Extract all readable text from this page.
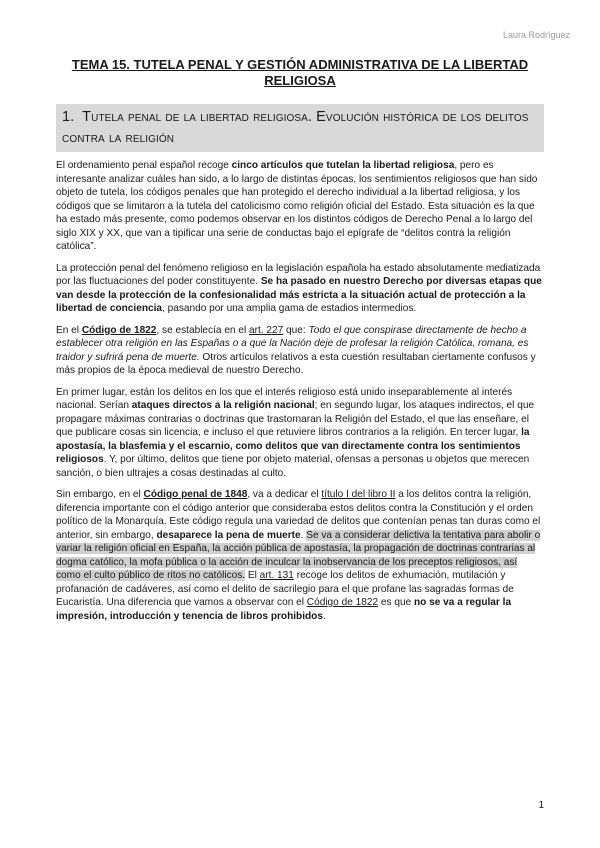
Laura Rodríguez
TEMA 15. TUTELA PENAL Y GESTIÓN ADMINISTRATIVA DE LA LIBERTAD RELIGIOSA
1. Tutela penal de la libertad religiosa. Evolución histórica de los delitos contra la religión

El ordenamiento penal español recoge cinco artículos que tutelan la libertad religiosa, pero es interesante analizar cuáles han sido, a lo largo de distintas épocas, los sentimientos religiosos que han sido objeto de tutela, los códigos penales que han protegido el derecho individual a la libertad religiosa, y los códigos que se limitaron a la tutela del catolicismo como religión oficial del Estado. Esta situación es la que ha estado más presente, como podemos observar en los distintos códigos de Derecho Penal a lo largo del siglo XIX y XX, que van a tipificar una serie de conductas bajo el epígrafe de “delitos contra la religión católica”.

La protección penal del fenómeno religioso en la legislación española ha estado absolutamente mediatizada por las fluctuaciones del poder constituyente. Se ha pasado en nuestro Derecho por diversas etapas que van desde la protección de la confesionalidad más estricta a la situación actual de protección a la libertad de conciencia, pasando por una amplia gama de estadios intermedios.

En el Código de 1822, se establecía en el art. 227 que: Todo el que conspirase directamente de hecho a establecer otra religión en las Españas o a que la Nación deje de profesar la religión Católica, romana, es traidor y sufrirá pena de muerte. Otros artículos relativos a esta cuestión resultaban ciertamente confusos y más propios de la época medieval de nuestro Derecho.

En primer lugar, están los delitos en los que el interés religioso está unido inseparablemente al interés nacional. Serían ataques directos a la religión nacional; en segundo lugar, los ataques indirectos, el que propagare máximas contrarias o doctrinas que trastornaran la Religión del Estado, el que las enseñare, el que publicare cosas sin licencia, e incluso el que retuviere libros contrarios a la religión. En tercer lugar, la apostasía, la blasfemia y el escarnio, como delitos que van directamente contra los sentimientos religiosos. Y, por último, delitos que tiene por objeto material, ofensas a personas u objetos que merecen sanción, o bien ultrajes a cosas destinadas al culto.

Sin embargo, en el Código penal de 1848, va a dedicar el título I del libro II a los delitos contra la religión, diferencia importante con el código anterior que consideraba estos delitos contra la Constitución y el orden político de la Monarquía. Este código regula una variedad de delitos que contenían penas tan duras como el anterior, sin embargo, desaparece la pena de muerte. Se va a considerar delictiva la tentativa para abolir o variar la religión oficial en España, la acción pública de apostasía, la propagación de doctrinas contrarias al dogma católico, la mofa pública o la acción de inculcar la inobservancia de los preceptos religiosos, así como el culto público de ritos no católicos. El art. 131 recoge los delitos de exhumación, mutilación y profanación de cadáveres, así como el delito de sacrilegio para el que profane las sagradas formas de Eucaristía. Una diferencia que vamos a observar con el Código de 1822 es que no se va a regular la impresión, introducción y tenencia de libros prohibidos.

1
